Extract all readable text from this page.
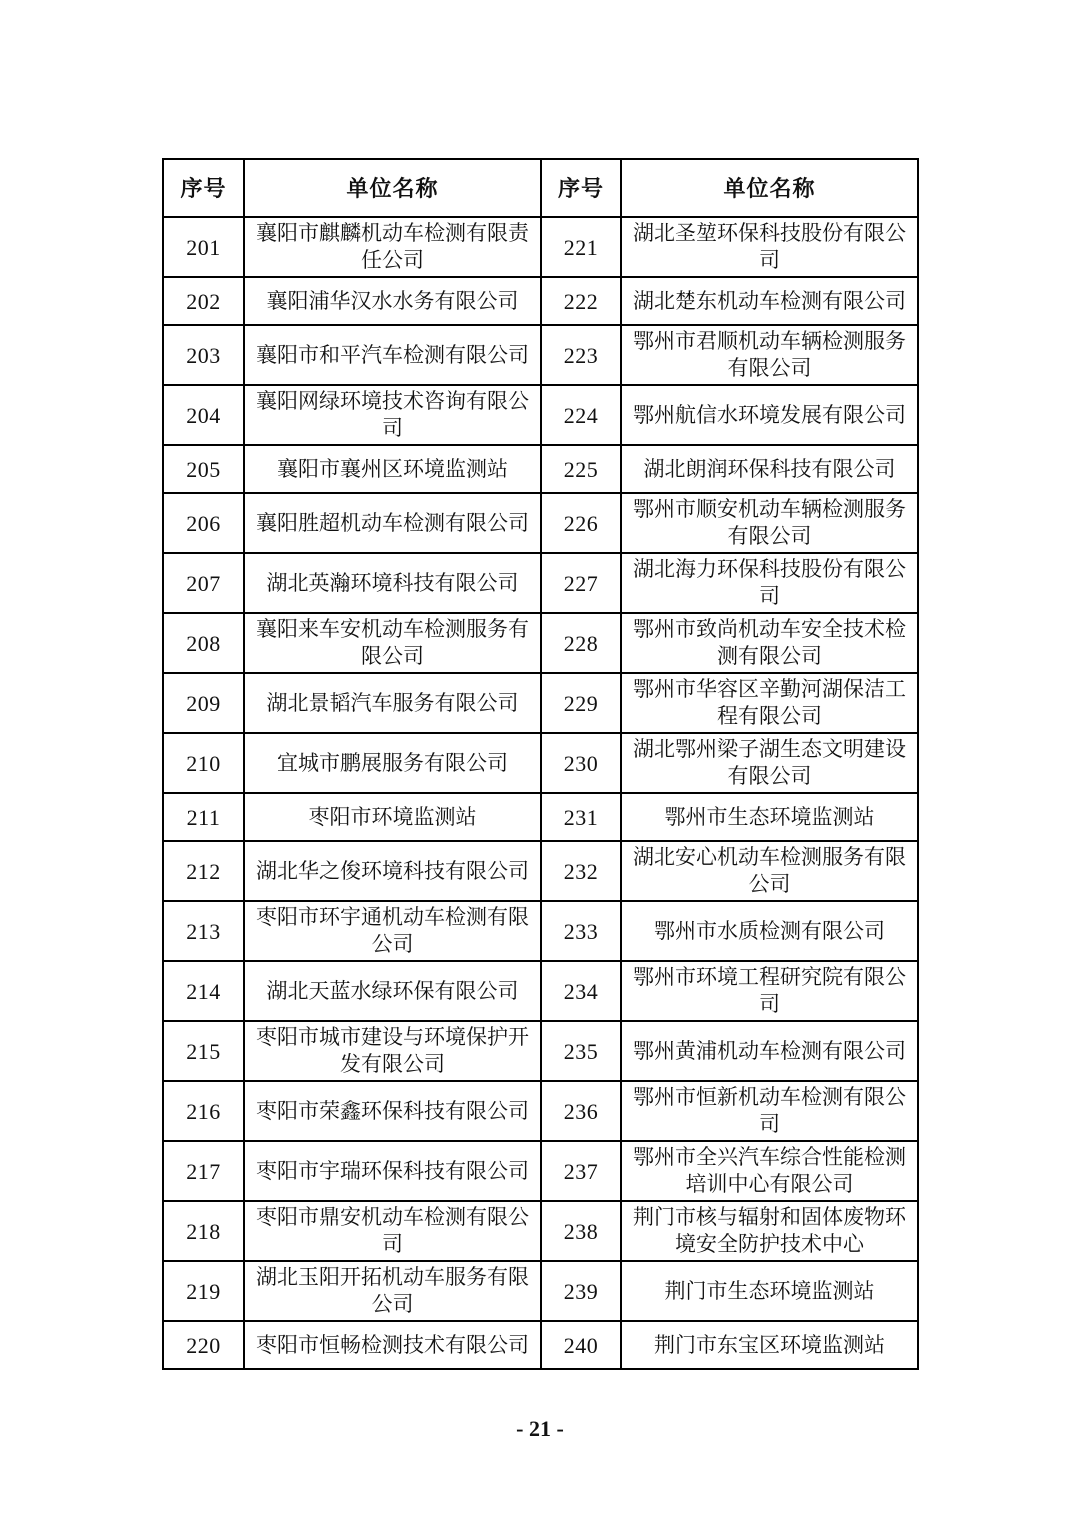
序号	单位名称	序号	单位名称
201	襄阳市麒麟机动车检测有限责任公司	221	湖北圣堃环保科技股份有限公司
202	襄阳浦华汉水水务有限公司	222	湖北楚东机动车检测有限公司
203	襄阳市和平汽车检测有限公司	223	鄂州市君顺机动车辆检测服务有限公司
204	襄阳网绿环境技术咨询有限公司	224	鄂州航信水环境发展有限公司
205	襄阳市襄州区环境监测站	225	湖北朗润环保科技有限公司
206	襄阳胜超机动车检测有限公司	226	鄂州市顺安机动车辆检测服务有限公司
207	湖北英瀚环境科技有限公司	227	湖北海力环保科技股份有限公司
208	襄阳来车安机动车检测服务有限公司	228	鄂州市致尚机动车安全技术检测有限公司
209	湖北景韬汽车服务有限公司	229	鄂州市华容区辛勤河湖保洁工程有限公司
210	宜城市鹏展服务有限公司	230	湖北鄂州梁子湖生态文明建设有限公司
211	枣阳市环境监测站	231	鄂州市生态环境监测站
212	湖北华之俊环境科技有限公司	232	湖北安心机动车检测服务有限公司
213	枣阳市环宇通机动车检测有限公司	233	鄂州市水质检测有限公司
214	湖北天蓝水绿环保有限公司	234	鄂州市环境工程研究院有限公司
215	枣阳市城市建设与环境保护开发有限公司	235	鄂州黄浦机动车检测有限公司
216	枣阳市荣鑫环保科技有限公司	236	鄂州市恒新机动车检测有限公司
217	枣阳市宇瑞环保科技有限公司	237	鄂州市全兴汽车综合性能检测培训中心有限公司
218	枣阳市鼎安机动车检测有限公司	238	荆门市核与辐射和固体废物环境安全防护技术中心
219	湖北玉阳开拓机动车服务有限公司	239	荆门市生态环境监测站
220	枣阳市恒畅检测技术有限公司	240	荆门市东宝区环境监测站
- 21 -
